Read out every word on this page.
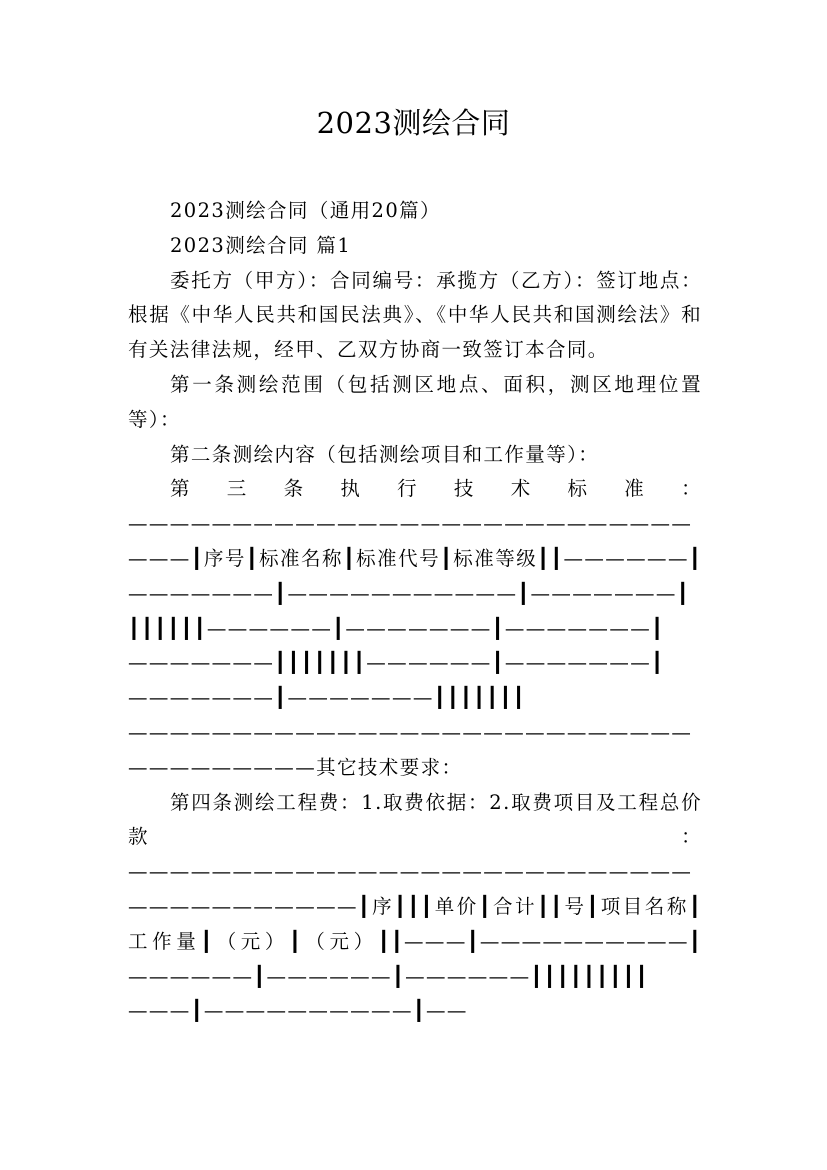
2023测绘合同

2023测绘合同（通用20篇）

2023测绘合同 篇1

委托方（甲方）：合同编号：承揽方（乙方）：签订地点：根据《中华人民共和国民法典》、《中华人民共和国测绘法》和有关法律法规，经甲、乙双方协商一致签订本合同。

第一条测绘范围（包括测区地点、面积，测区地理位置等）：

第二条测绘内容（包括测绘项目和工作量等）：

第三条执行技术标准：——————————————————————————————┃序号┃标准名称┃标准代号┃标准等级┃┃——————┃———————┃———————————┃———————┃┃┃┃┃┃┃——————┃———————┃———————┃———————┃┃┃┃┃┃┃——————┃———————┃———————┃———————┃┃┃┃┃┃┃————————————————————————————————————其它技术要求：

第四条测绘工程费：1.取费依据：2.取费项目及工程总价款：——————————————————————————————————————┃序┃┃┃单价┃合计┃┃号┃项目名称┃工作量┃（元）┃（元）┃┃———┃——————————┃——————┃——————┃——————┃┃┃┃┃┃┃┃┃———┃——————————┃——
